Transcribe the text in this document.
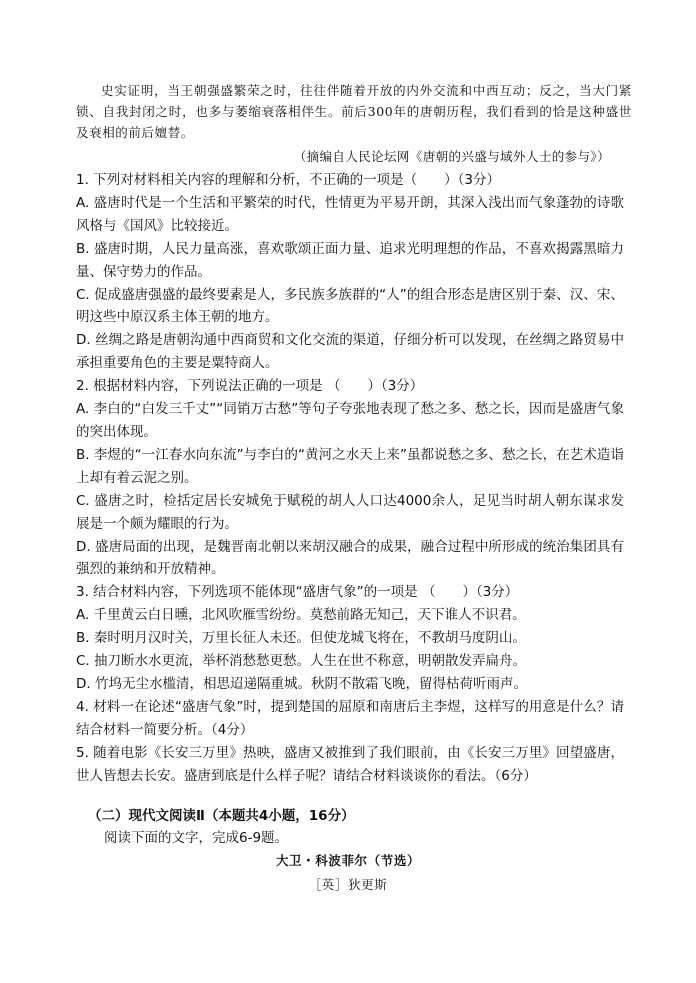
史实证明，当王朝强盛繁荣之时，往往伴随着开放的内外交流和中西互动；反之，当大门紧锁、自我封闭之时，也多与萎缩衰落相伴生。前后300年的唐朝历程，我们看到的恰是这种盛世及衰相的前后嬗替。
（摘编自人民论坛网《唐朝的兴盛与域外人士的参与》）

1. 下列对材料相关内容的理解和分析，不正确的一项是（　　）（3分）

A. 盛唐时代是一个生活和平繁荣的时代，性情更为平易开朗，其深入浅出而气象蓬勃的诗歌风格与《国风》比较接近。

B. 盛唐时期，人民力量高涨，喜欢歌颂正面力量、追求光明理想的作品，不喜欢揭露黑暗力量、保守势力的作品。

C. 促成盛唐强盛的最终要素是人，多民族多族群的“人”的组合形态是唐区别于秦、汉、宋、明这些中原汉系主体王朝的地方。

D. 丝绸之路是唐朝沟通中西商贸和文化交流的渠道，仔细分析可以发现，在丝绸之路贸易中承担重要角色的主要是粟特商人。

2. 根据材料内容，下列说法正确的一项是 （　　）（3分）

A. 李白的“白发三千丈”“同销万古愁”等句子夸张地表现了愁之多、愁之长，因而是盛唐气象的突出体现。

B. 李煜的“一江春水向东流”与李白的“黄河之水天上来”虽都说愁之多、愁之长，在艺术造诣上却有着云泥之别。

C. 盛唐之时，检括定居长安城免于赋税的胡人人口达4000余人，足见当时胡人朝东谋求发展是一个颇为耀眼的行为。

D. 盛唐局面的出现，是魏晋南北朝以来胡汉融合的成果，融合过程中所形成的统治集团具有强烈的兼纳和开放精神。

3. 结合材料内容，下列选项不能体现“盛唐气象”的一项是 （　　）（3分）

A. 千里黄云白日曛，北风吹雁雪纷纷。莫愁前路无知己，天下谁人不识君。

B. 秦时明月汉时关，万里长征人未还。但使龙城飞将在，不教胡马度阴山。

C. 抽刀断水水更流，举杯消愁愁更愁。人生在世不称意，明朝散发弄扁舟。

D. 竹坞无尘水槛清，相思迢递隔重城。秋阴不散霜飞晚，留得枯荷听雨声。

4. 材料一在论述“盛唐气象”时，提到楚国的屈原和南唐后主李煜，这样写的用意是什么？请结合材料一简要分析。（4分）

5. 随着电影《长安三万里》热映，盛唐又被推到了我们眼前，由《长安三万里》回望盛唐，世人皆想去长安。盛唐到底是什么样子呢？请结合材料谈谈你的看法。（6分）

（二）现代文阅读Ⅱ（本题共4小题，16分）
阅读下面的文字，完成6-9题。
大卫・科波菲尔（节选）
［英］狄更斯
